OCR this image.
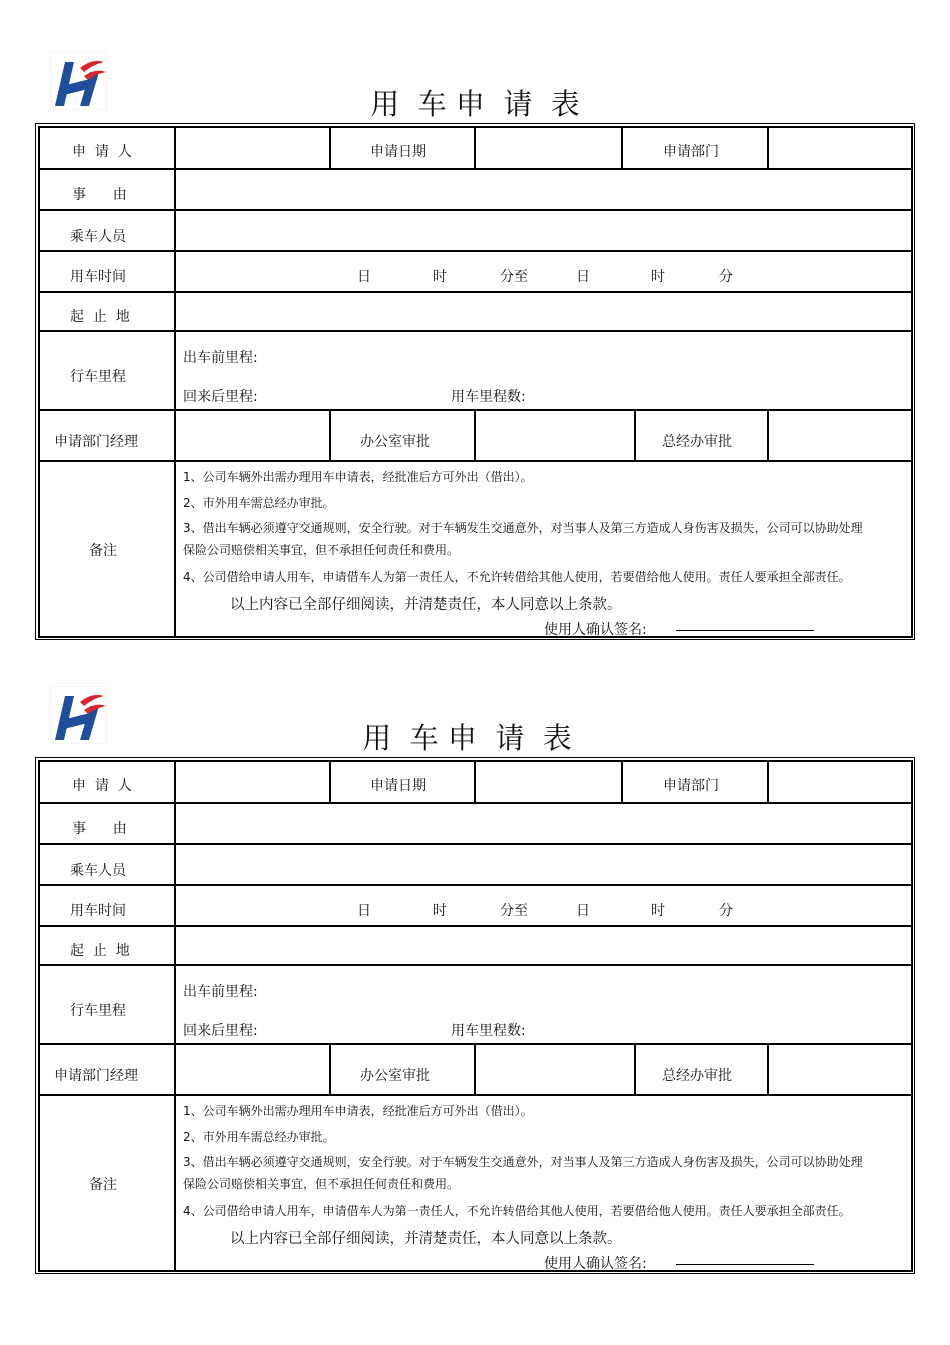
用  车 申  请  表
申  请  人	申请日期	申请部门
事      由
乘车人员
用车时间	日	时	分至	日	时	分
起  止  地
行车里程
出车前里程:
回来后里程:	用车里程数:
申请部门经理	办公室审批	总经办审批
备注
1、公司车辆外出需办理用车申请表，经批准后方可外出（借出）。
2、市外用车需总经办审批。
3、借出车辆必须遵守交通规则，安全行驶。对于车辆发生交通意外，对当事人及第三方造成人身伤害及损失，公司可以协助处理
保险公司赔偿相关事宜，但不承担任何责任和费用。
4、公司借给申请人用车，申请借车人为第一责任人，不允许转借给其他人使用，若要借给他人使用。责任人要承担全部责任。
以上内容已全部仔细阅读，并清楚责任，本人同意以上条款。
使用人确认签名:
用  车 申  请  表
申  请  人	申请日期	申请部门
事      由
乘车人员
用车时间	日	时	分至	日	时	分
起  止  地
行车里程
出车前里程:
回来后里程:	用车里程数:
申请部门经理	办公室审批	总经办审批
备注
1、公司车辆外出需办理用车申请表，经批准后方可外出（借出）。
2、市外用车需总经办审批。
3、借出车辆必须遵守交通规则，安全行驶。对于车辆发生交通意外，对当事人及第三方造成人身伤害及损失，公司可以协助处理
保险公司赔偿相关事宜，但不承担任何责任和费用。
4、公司借给申请人用车，申请借车人为第一责任人，不允许转借给其他人使用，若要借给他人使用。责任人要承担全部责任。
以上内容已全部仔细阅读，并清楚责任，本人同意以上条款。
使用人确认签名:
